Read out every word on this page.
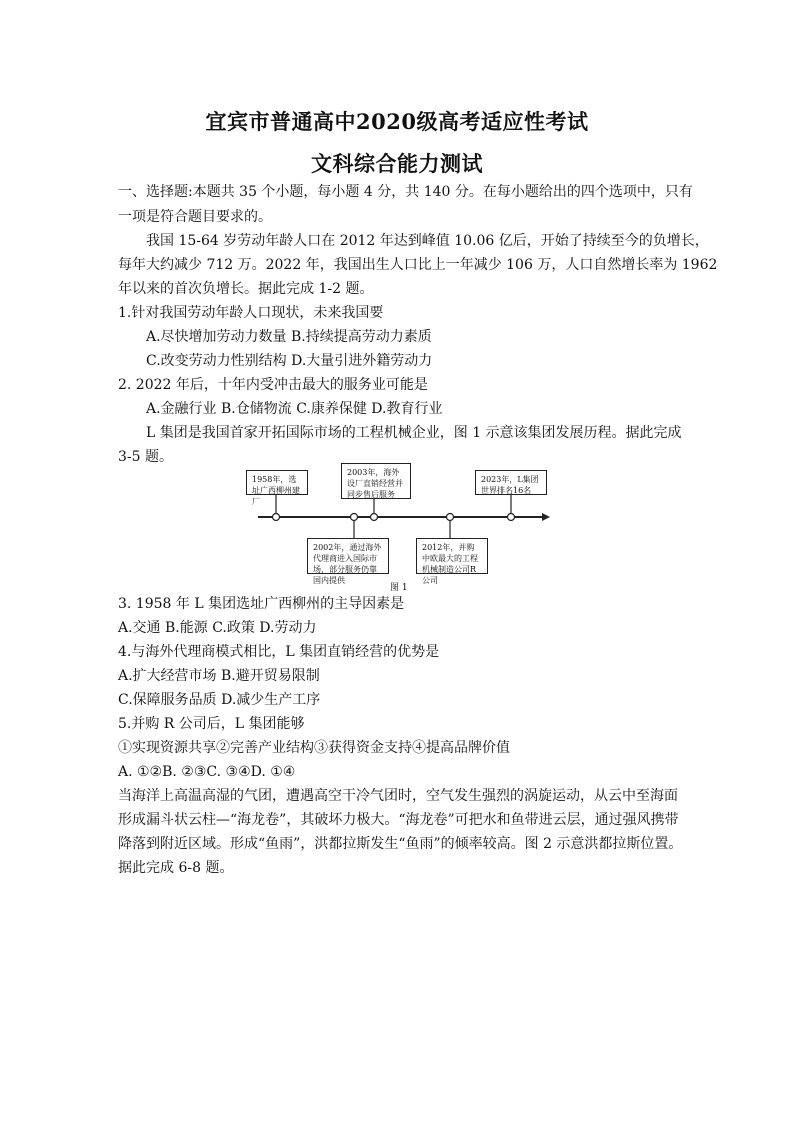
宜宾市普通高中2020级高考适应性考试
文科综合能力测试
一、选择题:本题共 35 个小题，每小题 4 分，共 140 分。在每小题给出的四个选项中，只有
一项是符合题目要求的。
我国 15-64 岁劳动年龄人口在 2012 年达到峰值 10.06 亿后，开始了持续至今的负增长，
每年大约减少 712 万。2022 年，我国出生人口比上一年减少 106 万，人口自然增长率为 1962
年以来的首次负增长。据此完成 1-2 题。
1.针对我国劳动年龄人口现状，未来我国要
A.尽快增加劳动力数量 B.持续提高劳动力素质
C.改变劳动力性别结构 D.大量引进外籍劳动力
2. 2022 年后，十年内受冲击最大的服务业可能是
A.金融行业 B.仓储物流 C.康养保健 D.教育行业
L 集团是我国首家开拓国际市场的工程机械企业，图 1 示意该集团发展历程。据此完成
3-5 题。
1958年，选址广西柳州建厂
2003年，海外设厂直销经营并同步售后服务
2023年，L集团世界排名16名
2002年，通过海外代理商进入国际市场，部分服务仍靠国内提供
2012年，并购中欧最大的工程机械制造公司R公司
图 1
3. 1958 年 L 集团选址广西柳州的主导因素是
A.交通 B.能源 C.政策 D.劳动力
4.与海外代理商模式相比，L 集团直销经营的优势是
A.扩大经营市场 B.避开贸易限制
C.保障服务品质 D.减少生产工序
5.并购 R 公司后，L 集团能够
①实现资源共享②完善产业结构③获得资金支持④提高品牌价值
A. ①②B. ②③C. ③④D. ①④
当海洋上高温高湿的气团，遭遇高空干冷气团时，空气发生强烈的涡旋运动，从云中至海面
形成漏斗状云柱—“海龙卷”，其破坏力极大。“海龙卷”可把水和鱼带进云层，通过强风携带
降落到附近区域。形成“鱼雨”，洪都拉斯发生“鱼雨”的倾率较高。图 2 示意洪都拉斯位置。
据此完成 6-8 题。
